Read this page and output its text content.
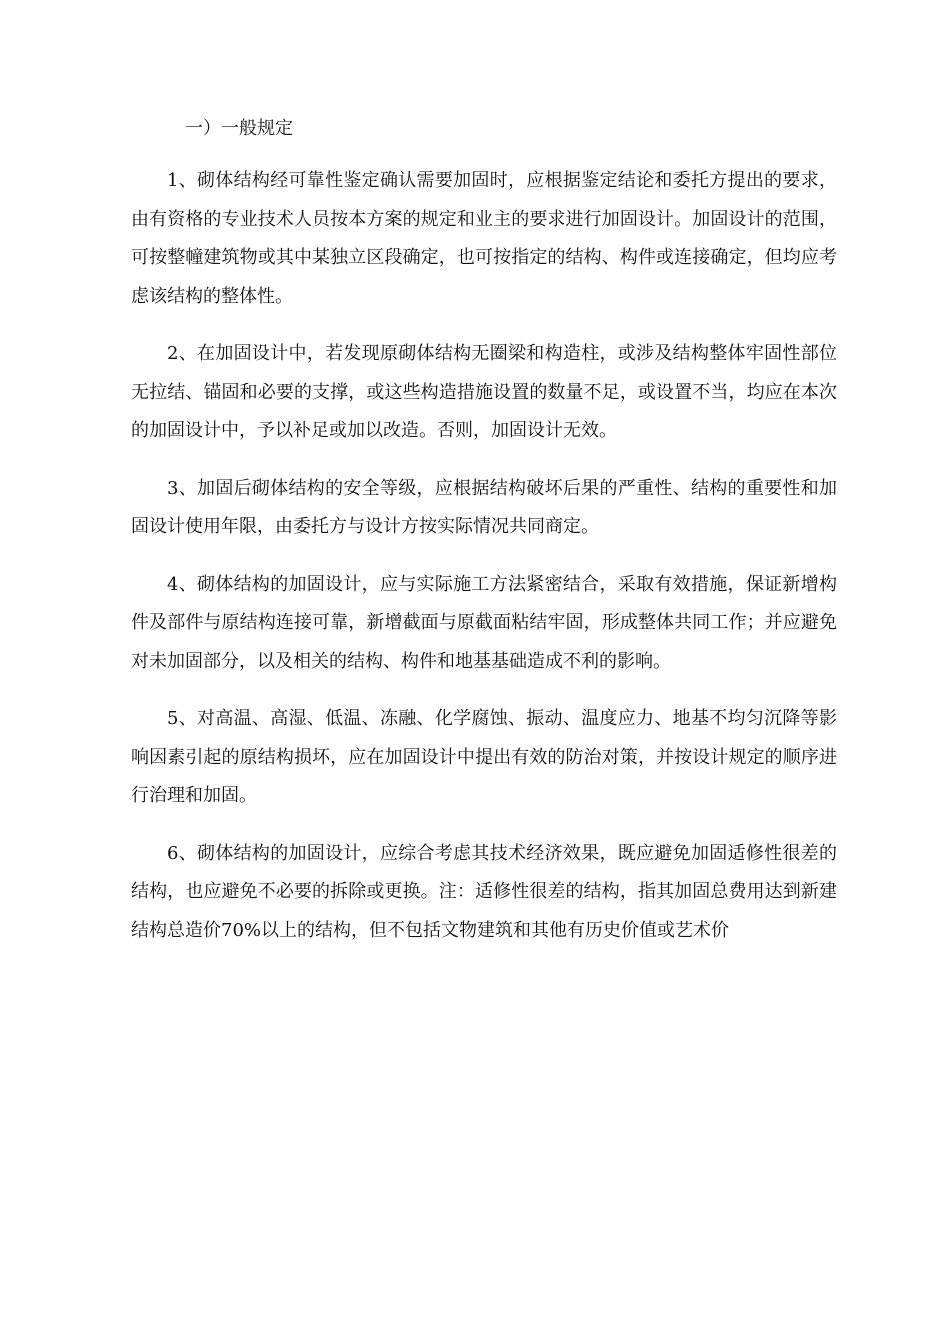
一）一般规定

1、砌体结构经可靠性鉴定确认需要加固时，应根据鉴定结论和委托方提出的要求，由有资格的专业技术人员按本方案的规定和业主的要求进行加固设计。加固设计的范围，可按整幢建筑物或其中某独立区段确定，也可按指定的结构、构件或连接确定，但均应考虑该结构的整体性。

2、在加固设计中，若发现原砌体结构无圈梁和构造柱，或涉及结构整体牢固性部位无拉结、锚固和必要的支撑，或这些构造措施设置的数量不足，或设置不当，均应在本次的加固设计中，予以补足或加以改造。否则，加固设计无效。

3、加固后砌体结构的安全等级，应根据结构破坏后果的严重性、结构的重要性和加固设计使用年限，由委托方与设计方按实际情况共同商定。

4、砌体结构的加固设计，应与实际施工方法紧密结合，采取有效措施，保证新增构件及部件与原结构连接可靠，新增截面与原截面粘结牢固，形成整体共同工作；并应避免对未加固部分，以及相关的结构、构件和地基基础造成不利的影响。

5、对高温、高湿、低温、冻融、化学腐蚀、振动、温度应力、地基不均匀沉降等影响因素引起的原结构损坏，应在加固设计中提出有效的防治对策，并按设计规定的顺序进行治理和加固。

6、砌体结构的加固设计，应综合考虑其技术经济效果，既应避免加固适修性很差的结构，也应避免不必要的拆除或更换。注：适修性很差的结构，指其加固总费用达到新建结构总造价70%以上的结构，但不包括文物建筑和其他有历史价值或艺术价
